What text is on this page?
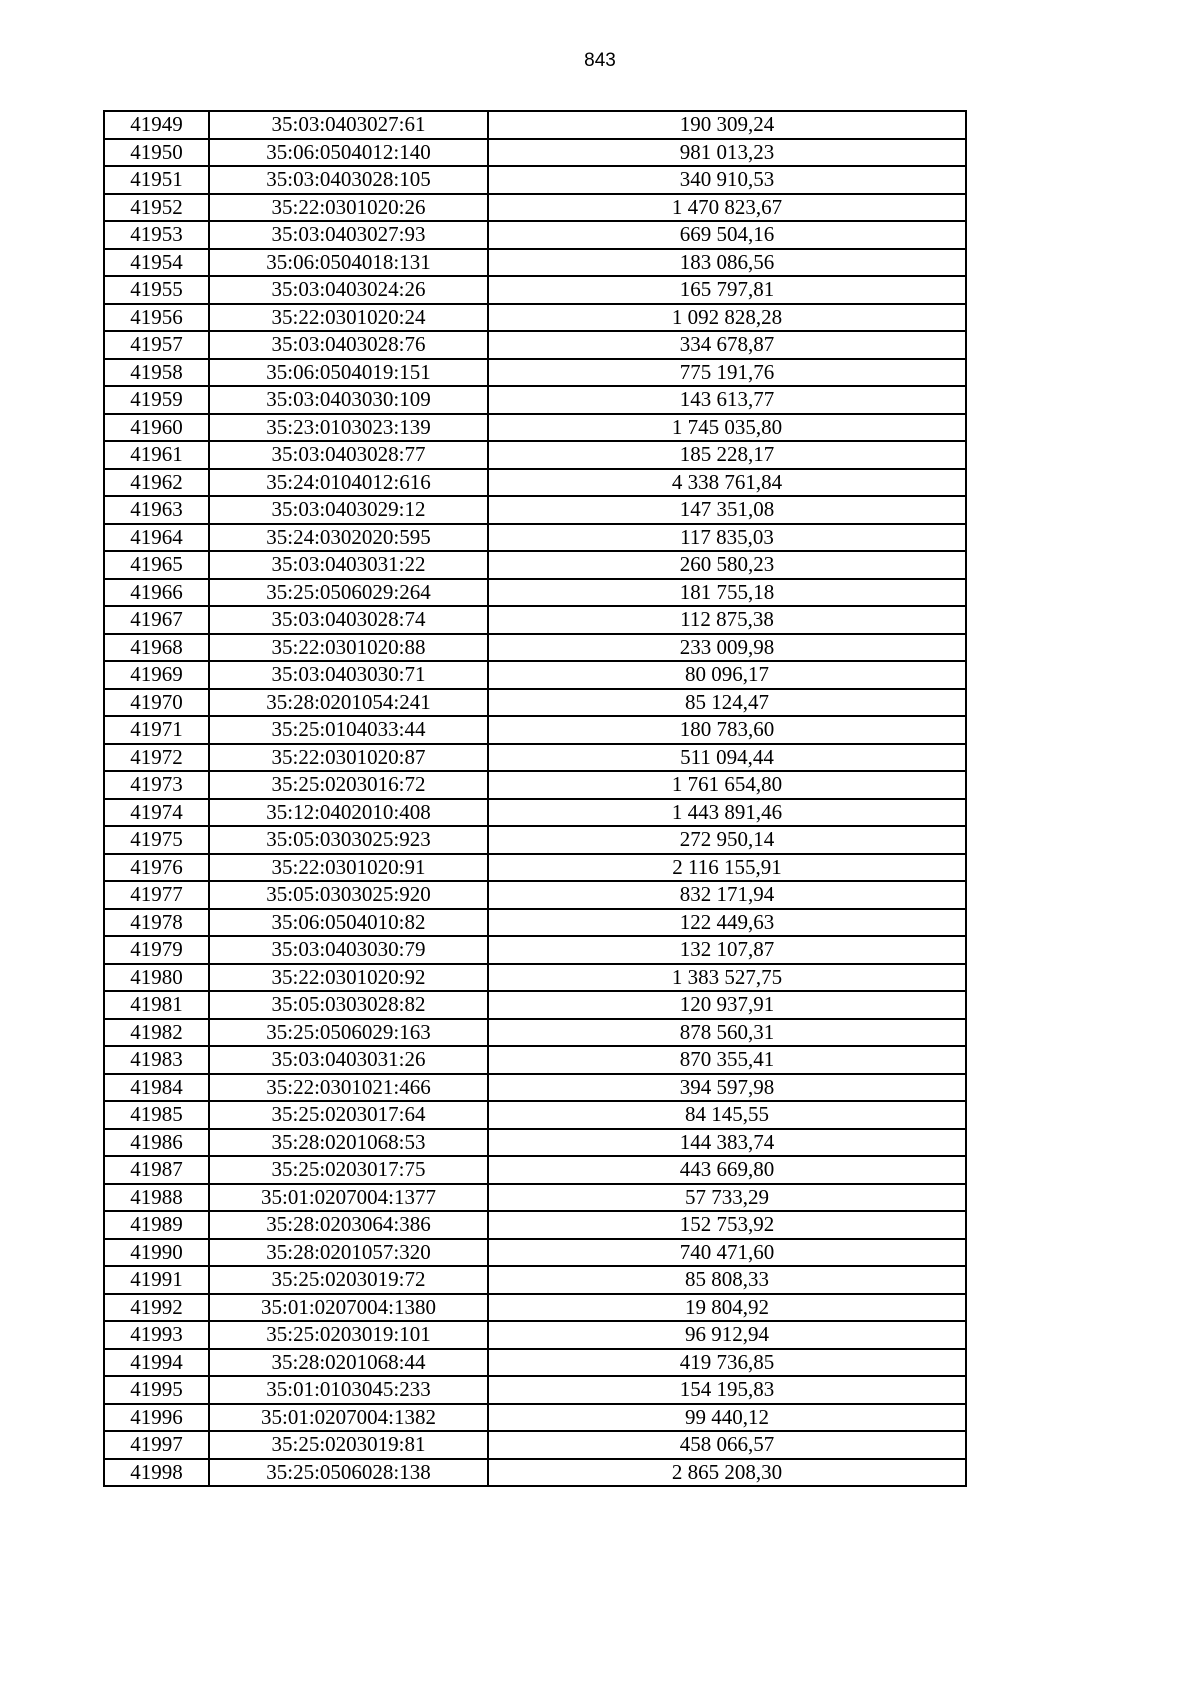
843
41949	35:03:0403027:61	190 309,24
41950	35:06:0504012:140	981 013,23
41951	35:03:0403028:105	340 910,53
41952	35:22:0301020:26	1 470 823,67
41953	35:03:0403027:93	669 504,16
41954	35:06:0504018:131	183 086,56
41955	35:03:0403024:26	165 797,81
41956	35:22:0301020:24	1 092 828,28
41957	35:03:0403028:76	334 678,87
41958	35:06:0504019:151	775 191,76
41959	35:03:0403030:109	143 613,77
41960	35:23:0103023:139	1 745 035,80
41961	35:03:0403028:77	185 228,17
41962	35:24:0104012:616	4 338 761,84
41963	35:03:0403029:12	147 351,08
41964	35:24:0302020:595	117 835,03
41965	35:03:0403031:22	260 580,23
41966	35:25:0506029:264	181 755,18
41967	35:03:0403028:74	112 875,38
41968	35:22:0301020:88	233 009,98
41969	35:03:0403030:71	80 096,17
41970	35:28:0201054:241	85 124,47
41971	35:25:0104033:44	180 783,60
41972	35:22:0301020:87	511 094,44
41973	35:25:0203016:72	1 761 654,80
41974	35:12:0402010:408	1 443 891,46
41975	35:05:0303025:923	272 950,14
41976	35:22:0301020:91	2 116 155,91
41977	35:05:0303025:920	832 171,94
41978	35:06:0504010:82	122 449,63
41979	35:03:0403030:79	132 107,87
41980	35:22:0301020:92	1 383 527,75
41981	35:05:0303028:82	120 937,91
41982	35:25:0506029:163	878 560,31
41983	35:03:0403031:26	870 355,41
41984	35:22:0301021:466	394 597,98
41985	35:25:0203017:64	84 145,55
41986	35:28:0201068:53	144 383,74
41987	35:25:0203017:75	443 669,80
41988	35:01:0207004:1377	57 733,29
41989	35:28:0203064:386	152 753,92
41990	35:28:0201057:320	740 471,60
41991	35:25:0203019:72	85 808,33
41992	35:01:0207004:1380	19 804,92
41993	35:25:0203019:101	96 912,94
41994	35:28:0201068:44	419 736,85
41995	35:01:0103045:233	154 195,83
41996	35:01:0207004:1382	99 440,12
41997	35:25:0203019:81	458 066,57
41998	35:25:0506028:138	2 865 208,30
